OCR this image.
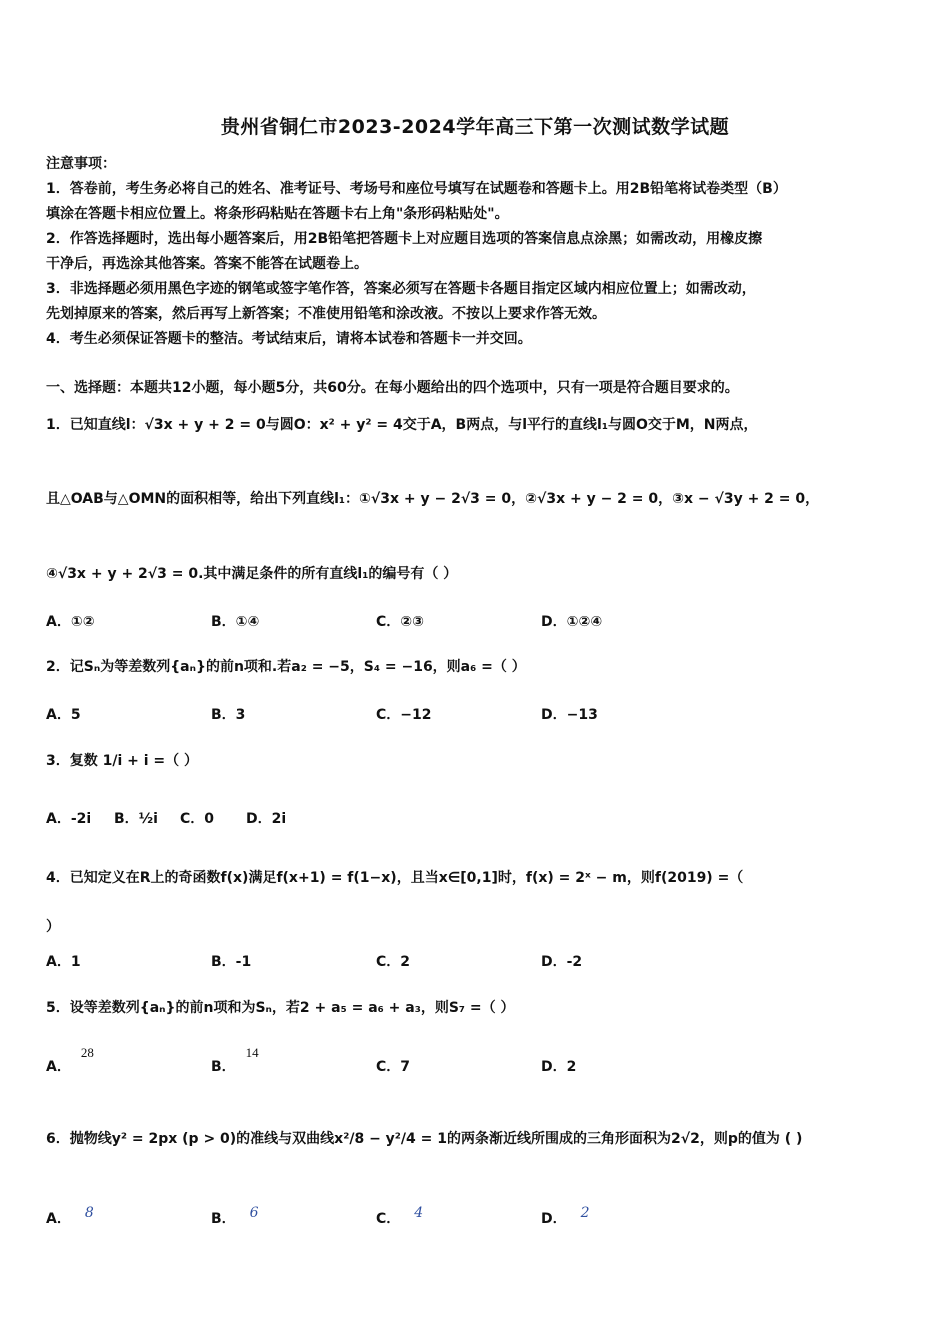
贵州省铜仁市2023-2024学年高三下第一次测试数学试题
注意事项：
1．答卷前，考生务必将自己的姓名、准考证号、考场号和座位号填写在试题卷和答题卡上。用2B铅笔将试卷类型（B）
填涂在答题卡相应位置上。将条形码粘贴在答题卡右上角"条形码粘贴处"。
2．作答选择题时，选出每小题答案后，用2B铅笔把答题卡上对应题目选项的答案信息点涂黑；如需改动，用橡皮擦
干净后，再选涂其他答案。答案不能答在试题卷上。
3．非选择题必须用黑色字迹的钢笔或签字笔作答，答案必须写在答题卡各题目指定区域内相应位置上；如需改动，
先划掉原来的答案，然后再写上新答案；不准使用铅笔和涂改液。不按以上要求作答无效。
4．考生必须保证答题卡的整洁。考试结束后，请将本试卷和答题卡一并交回。
一、选择题：本题共12小题，每小题5分，共60分。在每小题给出的四个选项中，只有一项是符合题目要求的。
1．已知直线l：√3x + y + 2 = 0与圆O：x² + y² = 4交于A，B两点，与l平行的直线l₁与圆O交于M，N两点，
且△OAB与△OMN的面积相等，给出下列直线l₁：①√3x + y − 2√3 = 0，②√3x + y − 2 = 0，③x − √3y + 2 = 0，
④√3x + y + 2√3 = 0.其中满足条件的所有直线l₁的编号有（ ）
A．①②	B．①④	C．②③	D．①②④
2．记Sₙ为等差数列{aₙ}的前n项和.若a₂ = −5，S₄ = −16，则a₆ =（ ）
A．5	B．3	C．−12	D．−13
3．复数 1/i + i =（ ）
A．-2i B．½i C．0 D．2i
4．已知定义在R上的奇函数f(x)满足f(x+1) = f(1−x)，且当x∈[0,1]时，f(x) = 2ˣ − m，则f(2019) =（
）
A．1	B．-1	C．2	D．-2
5．设等差数列{aₙ}的前n项和为Sₙ，若2 + a₅ = a₆ + a₃，则S₇ =（ ）
A．28
B．14
C．7	D．2
6．抛物线y² = 2px (p > 0)的准线与双曲线x²/8 − y²/4 = 1的两条渐近线所围成的三角形面积为2√2，则p的值为 ( )
A． 8	B． 6	C． 4	D． 2
